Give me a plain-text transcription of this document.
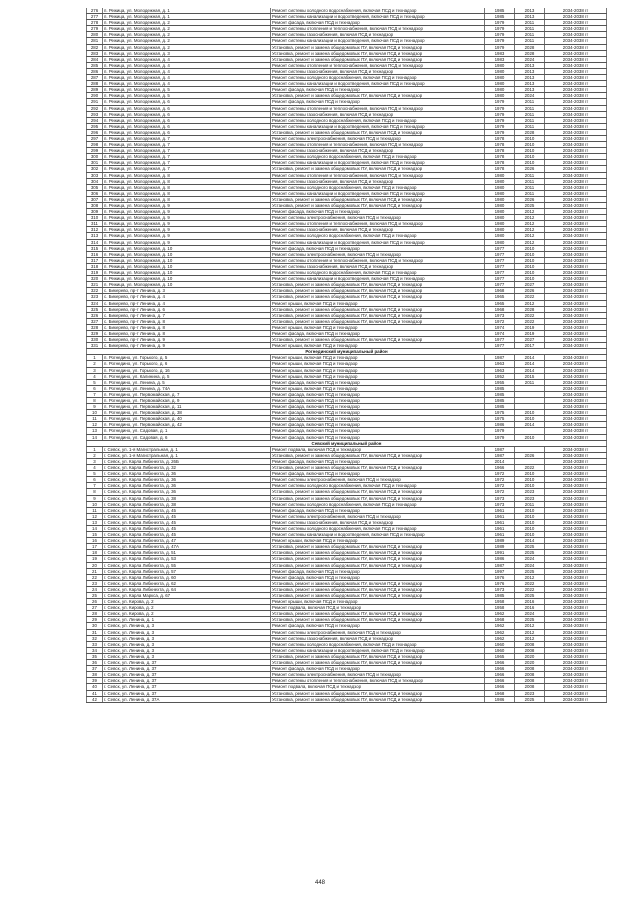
276	п. Режица, ул. Молодежная, д. 1	Ремонт системы холодного водоснабжения, включая ПСД и технадзор	1985	2013	2034-2038 гг
277	п. Режица, ул. Молодежная, д. 1	Ремонт системы канализации и водоотведения, включая ПСД и технадзор	1985	2013	2034-2038 гг
278	п. Режица, ул. Молодежная, д. 2	Ремонт фасада, включая ПСД и технадзор	1979	2011	2034-2038 гг
279	п. Режица, ул. Молодежная, д. 2	Ремонт системы отопления и теплоснабжения, включая ПСД и технадзор	1979	2011	2034-2038 гг
280	п. Режица, ул. Молодежная, д. 2	Ремонт системы газоснабжения, включая ПСД и технадзор	1979	2011	2034-2038 гг
281	п. Режица, ул. Молодежная, д. 2	Ремонт системы канализации и водоотведения, включая ПСД и технадзор	1979	2011	2034-2038 гг
282	п. Режица, ул. Молодежная, д. 2	Установка, ремонт и замена общедомовых ПУ, включая ПСД и технадзор	1979	2028	2034-2038 гг
283	п. Режица, ул. Молодежная, д. 3	Установка, ремонт и замена общедомовых ПУ, включая ПСД и технадзор	1983	2028	2034-2038 гг
284	п. Режица, ул. Молодежная, д. 4	Установка, ремонт и замена общедомовых ПУ, включая ПСД и технадзор	1983	2024	2034-2038 гг
285	п. Режица, ул. Молодежная, д. 4	Ремонт системы отопления и теплоснабжения, включая ПСД и технадзор	1980	2013	2034-2038 гг
286	п. Режица, ул. Молодежная, д. 4	Ремонт системы газоснабжения, включая ПСД и технадзор	1980	2013	2034-2038 гг
287	п. Режица, ул. Молодежная, д. 4	Ремонт системы холодного водоснабжения, включая ПСД и технадзор	1980	2013	2034-2038 гг
288	п. Режица, ул. Молодежная, д. 4	Ремонт системы канализации и водоотведения, включая ПСД и технадзор	1980	2013	2034-2038 гг
289	п. Режица, ул. Молодежная, д. 5	Ремонт фасада, включая ПСД и технадзор	1980	2013	2034-2038 гг
290	п. Режица, ул. Молодежная, д. 5	Установка, ремонт и замена общедомовых ПУ, включая ПСД и технадзор	1980	2024	2034-2038 гг
291	п. Режица, ул. Молодежная, д. 6	Ремонт фасада, включая ПСД и технадзор	1979	2011	2034-2038 гг
292	п. Режица, ул. Молодежная, д. 6	Ремонт системы отопления и теплоснабжения, включая ПСД и технадзор	1979	2011	2034-2038 гг
293	п. Режица, ул. Молодежная, д. 6	Ремонт системы газоснабжения, включая ПСД и технадзор	1979	2011	2034-2038 гг
294	п. Режица, ул. Молодежная, д. 6	Ремонт системы холодного водоснабжения, включая ПСД и технадзор	1979	2011	2034-2038 гг
295	п. Режица, ул. Молодежная, д. 6	Ремонт системы канализации и водоотведения, включая ПСД и технадзор	1979	2011	2034-2038 гг
296	п. Режица, ул. Молодежная, д. 6	Установка, ремонт и замена общедомовых ПУ, включая ПСД и технадзор	1979	2028	2034-2038 гг
297	п. Режица, ул. Молодежная, д. 7	Ремонт системы электроснабжения, включая ПСД и технадзор	1978	2010	2034-2038 гг
298	п. Режица, ул. Молодежная, д. 7	Ремонт системы отопления и теплоснабжения, включая ПСД и технадзор	1978	2010	2034-2038 гг
299	п. Режица, ул. Молодежная, д. 7	Ремонт системы газоснабжения, включая ПСД и технадзор	1978	2010	2034-2038 гг
300	п. Режица, ул. Молодежная, д. 7	Ремонт системы холодного водоснабжения, включая ПСД и технадзор	1978	2010	2034-2038 гг
301	п. Режица, ул. Молодежная, д. 7	Ремонт системы канализации и водоотведения, включая ПСД и технадзор	1978	2010	2034-2038 гг
302	п. Режица, ул. Молодежная, д. 7	Установка, ремонт и замена общедомовых ПУ, включая ПСД и технадзор	1978	2026	2034-2038 гг
303	п. Режица, ул. Молодежная, д. 8	Ремонт системы отопления и теплоснабжения, включая ПСД и технадзор	1980	2011	2034-2038 гг
304	п. Режица, ул. Молодежная, д. 8	Ремонт системы газоснабжения, включая ПСД и технадзор	1980	2011	2034-2038 гг
305	п. Режица, ул. Молодежная, д. 8	Ремонт системы холодного водоснабжения, включая ПСД и технадзор	1980	2011	2034-2038 гг
306	п. Режица, ул. Молодежная, д. 8	Ремонт системы канализации и водоотведения, включая ПСД и технадзор	1980	2011	2034-2038 гг
307	п. Режица, ул. Молодежная, д. 8	Установка, ремонт и замена общедомовых ПУ, включая ПСД и технадзор	1980	2026	2034-2038 гг
308	п. Режица, ул. Молодежная, д. 9	Установка, ремонт и замена общедомовых ПУ, включая ПСД и технадзор	1980	2025	2034-2038 гг
309	п. Режица, ул. Молодежная, д. 9	Ремонт фасада, включая ПСД и технадзор	1980	2012	2034-2038 гг
310	п. Режица, ул. Молодежная, д. 9	Ремонт системы электроснабжения, включая ПСД и технадзор	1980	2012	2034-2038 гг
311	п. Режица, ул. Молодежная, д. 9	Ремонт системы отопления и теплоснабжения, включая ПСД и технадзор	1980	2012	2034-2038 гг
312	п. Режица, ул. Молодежная, д. 9	Ремонт системы газоснабжения, включая ПСД и технадзор	1980	2012	2034-2038 гг
313	п. Режица, ул. Молодежная, д. 9	Ремонт системы холодного водоснабжения, включая ПСД и технадзор	1980	2012	2034-2038 гг
314	п. Режица, ул. Молодежная, д. 9	Ремонт системы канализации и водоотведения, включая ПСД и технадзор	1980	2012	2034-2038 гг
315	п. Режица, ул. Молодежная, д. 10	Ремонт фасада, включая ПСД и технадзор	1977	2010	2034-2038 гг
316	п. Режица, ул. Молодежная, д. 10	Ремонт системы электроснабжения, включая ПСД и технадзор	1977	2010	2034-2038 гг
317	п. Режица, ул. Молодежная, д. 10	Ремонт системы отопления и теплоснабжения, включая ПСД и технадзор	1977	2010	2034-2038 гг
318	п. Режица, ул. Молодежная, д. 10	Ремонт системы газоснабжения, включая ПСД и технадзор	1977	2010	2034-2038 гг
319	п. Режица, ул. Молодежная, д. 10	Ремонт системы холодного водоснабжения, включая ПСД и технадзор	1977	2010	2034-2038 гг
320	п. Режица, ул. Молодежная, д. 10	Ремонт системы канализации и водоотведения, включая ПСД и технадзор	1977	2010	2034-2038 гг
321	п. Режица, ул. Молодежная, д. 10	Установка, ремонт и замена общедомовых ПУ, включая ПСД и технадзор	1977	2027	2034-2038 гг
322	с. Бикерево, пр-т Ленина, д. 3	Установка, ремонт и замена общедомовых ПУ, включая ПСД и технадзор	1968	2026	2034-2038 гг
323	с. Бикерево, пр-т Ленина, д. 4	Установка, ремонт и замена общедомовых ПУ, включая ПСД и технадзор	1965	2022	2034-2038 гг
324	с. Бикерево, пр-т Ленина, д. 4	Ремонт крыши, включая ПСД и технадзор	1965	2012	2034-2038 гг
325	с. Бикерево, пр-т Ленина, д. 6	Установка, ремонт и замена общедомовых ПУ, включая ПСД и технадзор	1968	2028	2034-2038 гг
326	с. Бикерево, пр-т Ленина, д. 7	Установка, ремонт и замена общедомовых ПУ, включая ПСД и технадзор	1973	2022	2034-2038 гг
327	с. Бикерево, пр-т Ленина, д. 8	Установка, ремонт и замена общедомовых ПУ, включая ПСД и технадзор	1972	2022	2034-2038 гг
328	с. Бикерево, пр-т Ленина, д. 8	Ремонт крыши, включая ПСД и технадзор	1974	2019	2034-2038 гг
329	с. Бикерево, пр-т Ленина, д. 8	Ремонт фасада, включая ПСД и технадзор	1974	2019	2034-2038 гг
330	с. Бикерево, пр-т Ленина, д. 9	Установка, ремонт и замена общедомовых ПУ, включая ПСД и технадзор	1977	2027	2034-2038 гг
331	с. Бикерево, пр-т Ленина, д. 9	Ремонт крыши, включая ПСД и технадзор	1977	2017	2034-2038 гг
Рогнединский муниципальный район					
1	п. Рогнедино, ул. Горького, д. 5	Ремонт крыши, включая ПСД и технадзор	1987	2014	2034-2038 гг
2	п. Рогнедино, ул. Горького, д. 6	Ремонт крыши, включая ПСД и технадзор	1963	2014	2034-2038 гг
3	п. Рогнедино, ул. Горького, д. 16	Ремонт крыши, включая ПСД и технадзор	1963	2014	2034-2038 гг
4	п. Рогнедино, ул. Калинина, д. 5	Ремонт крыши, включая ПСД и технадзор	1952	2015	2034-2038 гг
5	п. Рогнедино, ул. Ленина, д. 5	Ремонт фасада, включая ПСД и технадзор	1955	2011	2034-2038 гг
6	п. Рогнедино, ул. Ленина, д. 74А	Ремонт крыши, включая ПСД и технадзор	1985		2034-2038 гг
7	п. Рогнедино, ул. Первомайская, д. 7	Ремонт фасада, включая ПСД и технадзор	1985		2034-2038 гг
8	п. Рогнедино, ул. Первомайская, д. 9	Ремонт фасада, включая ПСД и технадзор	1985		2034-2038 гг
9	п. Рогнедино, ул. Первомайская, д. 11	Ремонт фасада, включая ПСД и технадзор	1985		2034-2038 гг
10	п. Рогнедино, ул. Первомайская, д. 38	Ремонт фасада, включая ПСД и технадзор	1975	2010	2034-2038 гг
11	п. Рогнедино, ул. Первомайская, д. 40	Ремонт фасада, включая ПСД и технадзор	1975	2010	2034-2038 гг
12	п. Рогнедино, ул. Первомайская, д. 42	Ремонт фасада, включая ПСД и технадзор	1986	2014	2034-2038 гг
13	п. Рогнедино, ул. Садовая, д. 1	Ремонт фасада, включая ПСД и технадзор	1979		2034-2038 гг
14	п. Рогнедино, ул. Садовая, д. 6	Ремонт фасада, включая ПСД и технадзор	1979	2010	2034-2038 гг
Севский муниципальный район					
1	г. Севск, ул. 1-я Магистральная, д. 1	Ремонт подвала, включая ПСД и технадзор	1987		2034-2038 гг
2	г. Севск, ул. 1-я Магистральная, д. 1	Установка, ремонт и замена общедомовых ПУ, включая ПСД и технадзор	1987	2026	2034-2038 гг
3	г. Севск, ул. Карла Либкнехта, д. 26Б	Ремонт фасада, включая ПСД и технадзор	2014		2034-2038 гг
4	г. Севск, ул. Карла Либкнехта, д. 32	Установка, ремонт и замена общедомовых ПУ, включая ПСД и технадзор	1966	2022	2034-2038 гг
5	г. Севск, ул. Карла Либкнехта, д. 36	Ремонт фасада, включая ПСД и технадзор	1972	2010	2034-2038 гг
6	г. Севск, ул. Карла Либкнехта, д. 36	Ремонт системы электроснабжения, включая ПСД и технадзор	1972	2010	2034-2038 гг
7	г. Севск, ул. Карла Либкнехта, д. 36	Ремонт системы холодного водоснабжения, включая ПСД и технадзор	1972	2010	2034-2038 гг
8	г. Севск, ул. Карла Либкнехта, д. 36	Установка, ремонт и замена общедомовых ПУ, включая ПСД и технадзор	1972	2023	2034-2038 гг
9	г. Севск, ул. Карла Либкнехта, д. 38	Установка, ремонт и замена общедомовых ПУ, включая ПСД и технадзор	1973	2023	2034-2038 гг
10	г. Севск, ул. Карла Либкнехта, д. 38	Ремонт системы холодного водоснабжения, включая ПСД и технадзор	1973	2011	2034-2038 гг
11	г. Севск, ул. Карла Либкнехта, д. 45	Ремонт фасада, включая ПСД и технадзор	1961	2010	2034-2038 гг
12	г. Севск, ул. Карла Либкнехта, д. 45	Ремонт системы электроснабжения, включая ПСД и технадзор	1961	2010	2034-2038 гг
13	г. Севск, ул. Карла Либкнехта, д. 45	Ремонт системы газоснабжения, включая ПСД и технадзор	1961	2010	2034-2038 гг
14	г. Севск, ул. Карла Либкнехта, д. 45	Ремонт системы холодного водоснабжения, включая ПСД и технадзор	1961	2010	2034-2038 гг
15	г. Севск, ул. Карла Либкнехта, д. 45	Ремонт системы канализации и водоотведения, включая ПСД и технадзор	1961	2010	2034-2038 гг
16	г. Севск, ул. Карла Либкнехта, д. 47	Ремонт крыши, включая ПСД и технадзор	1989	2014	2034-2038 гг
17	г. Севск, ул. Карла Либкнехта, д. 47А	Установка, ремонт и замена общедомовых ПУ, включая ПСД и технадзор	1989	2025	2034-2038 гг
18	г. Севск, ул. Карла Либкнехта, д. 51	Установка, ремонт и замена общедомовых ПУ, включая ПСД и технадзор	1991	2025	2034-2038 гг
19	г. Севск, ул. Карла Либкнехта, д. 53	Установка, ремонт и замена общедомовых ПУ, включая ПСД и технадзор	1986	2024	2034-2038 гг
20	г. Севск, ул. Карла Либкнехта, д. 55	Установка, ремонт и замена общедомовых ПУ, включая ПСД и технадзор	1987	2024	2034-2038 гг
21	г. Севск, ул. Карла Либкнехта, д. 57	Ремонт фасада, включая ПСД и технадзор	1997	2025	2034-2038 гг
22	г. Севск, ул. Карла Либкнехта, д. 60	Ремонт фасада, включая ПСД и технадзор	1976	2012	2034-2038 гг
23	г. Севск, ул. Карла Либкнехта, д. 62	Установка, ремонт и замена общедомовых ПУ, включая ПСД и технадзор	1976	2022	2034-2038 гг
24	г. Севск, ул. Карла Либкнехта, д. 64	Установка, ремонт и замена общедомовых ПУ, включая ПСД и технадзор	1973	2022	2034-2038 гг
25	г. Севск, ул. Карла Маркса, д. 67	Установка, ремонт и замена общедомовых ПУ, включая ПСД и технадзор	1985	2025	2034-2038 гг
26	г. Севск, ул. Кирова, д. 2	Ремонт крыши, включая ПСД и технадзор	1958	2016	2034-2038 гг
27	г. Севск, ул. Кирова, д. 2	Ремонт подвала, включая ПСД и технадзор	1958	2016	2034-2038 гг
28	г. Севск, ул. Кирова, д. 2	Установка, ремонт и замена общедомовых ПУ, включая ПСД и технадзор	1962	2024	2034-2038 гг
29	г. Севск, ул. Ленина, д. 1	Установка, ремонт и замена общедомовых ПУ, включая ПСД и технадзор	1968	2025	2034-2038 гг
30	г. Севск, ул. Ленина, д. 3	Ремонт фасада, включая ПСД и технадзор	1962	2012	2034-2038 гг
31	г. Севск, ул. Ленина, д. 3	Ремонт системы электроснабжения, включая ПСД и технадзор	1962	2012	2034-2038 гг
32	г. Севск, ул. Ленина, д. 3	Ремонт системы газоснабжения, включая ПСД и технадзор	1962	2012	2034-2038 гг
33	г. Севск, ул. Ленина, д. 3	Ремонт системы холодного водоснабжения, включая ПСД и технадзор	1960	2008	2034-2038 гг
34	г. Севск, ул. Ленина, д. 3	Ремонт системы канализации и водоотведения, включая ПСД и технадзор	1960	2008	2034-2038 гг
35	г. Севск, ул. Ленина, д. 3	Установка, ремонт и замена общедомовых ПУ, включая ПСД и технадзор	1965	2020	2034-2038 гг
36	г. Севск, ул. Ленина, д. 37	Установка, ремонт и замена общедомовых ПУ, включая ПСД и технадзор	1966	2020	2034-2038 гг
37	г. Севск, ул. Ленина, д. 37	Ремонт фасада, включая ПСД и технадзор	1966	2008	2034-2038 гг
38	г. Севск, ул. Ленина, д. 37	Ремонт системы электроснабжения, включая ПСД и технадзор	1966	2008	2034-2038 гг
39	г. Севск, ул. Ленина, д. 37	Ремонт системы отопления и теплоснабжения, включая ПСД и технадзор	1966	2008	2034-2038 гг
40	г. Севск, ул. Ленина, д. 37	Ремонт подвала, включая ПСД и технадзор	1966	2008	2034-2038 гг
41	г. Севск, ул. Ленина, д. 37	Установка, ремонт и замена общедомовых ПУ, включая ПСД и технадзор	1968	2023	2034-2038 гг
42	г. Севск, ул. Ленина, д. 37А	Установка, ремонт и замена общедомовых ПУ, включая ПСД и технадзор	1986	2025	2034-2038 гг
448
